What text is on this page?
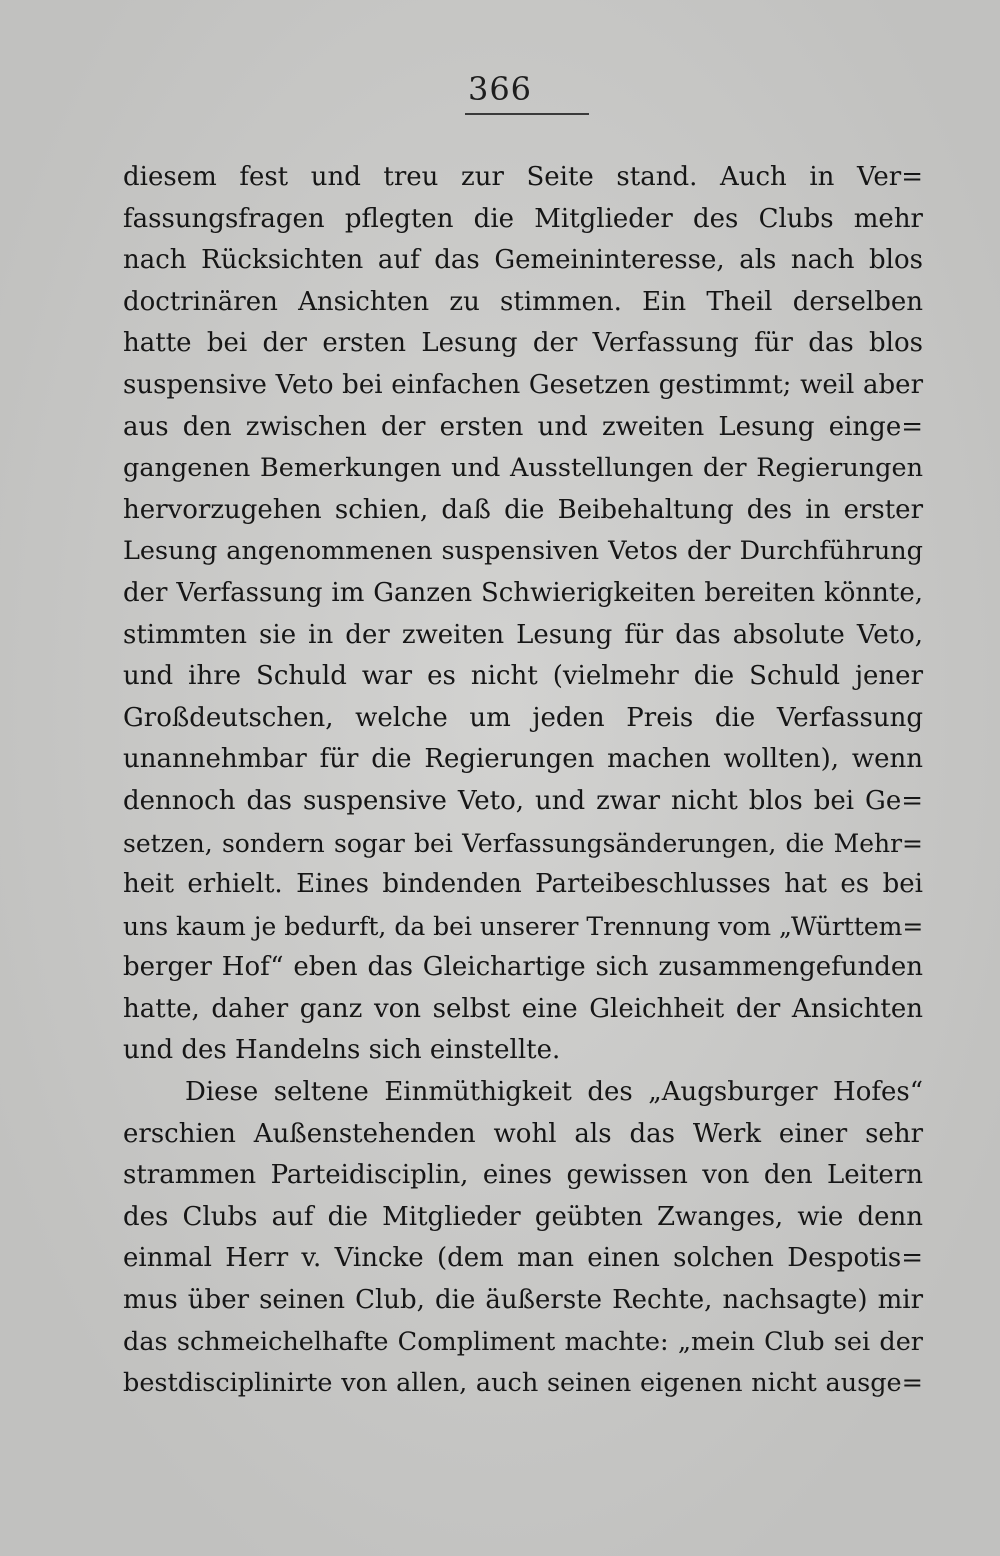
366
diesem fest und treu zur Seite stand. Auch in Ver=
fassungsfragen pflegten die Mitglieder des Clubs mehr
nach Rücksichten auf das Gemeininteresse, als nach blos
doctrinären Ansichten zu stimmen. Ein Theil derselben
hatte bei der ersten Lesung der Verfassung für das blos
suspensive Veto bei einfachen Gesetzen gestimmt; weil aber
aus den zwischen der ersten und zweiten Lesung einge=
gangenen Bemerkungen und Ausstellungen der Regierungen
hervorzugehen schien, daß die Beibehaltung des in erster
Lesung angenommenen suspensiven Vetos der Durchführung
der Verfassung im Ganzen Schwierigkeiten bereiten könnte,
stimmten sie in der zweiten Lesung für das absolute Veto,
und ihre Schuld war es nicht (vielmehr die Schuld jener
Großdeutschen, welche um jeden Preis die Verfassung
unannehmbar für die Regierungen machen wollten), wenn
dennoch das suspensive Veto, und zwar nicht blos bei Ge=
setzen, sondern sogar bei Verfassungsänderungen, die Mehr=
heit erhielt. Eines bindenden Parteibeschlusses hat es bei
uns kaum je bedurft, da bei unserer Trennung vom „Württem=
berger Hof“ eben das Gleichartige sich zusammengefunden
hatte, daher ganz von selbst eine Gleichheit der Ansichten
und des Handelns sich einstellte.
Diese seltene Einmüthigkeit des „Augsburger Hofes“
erschien Außenstehenden wohl als das Werk einer sehr
strammen Parteidisciplin, eines gewissen von den Leitern
des Clubs auf die Mitglieder geübten Zwanges, wie denn
einmal Herr v. Vincke (dem man einen solchen Despotis=
mus über seinen Club, die äußerste Rechte, nachsagte) mir
das schmeichelhafte Compliment machte: „mein Club sei der
bestdisciplinirte von allen, auch seinen eigenen nicht ausge=
